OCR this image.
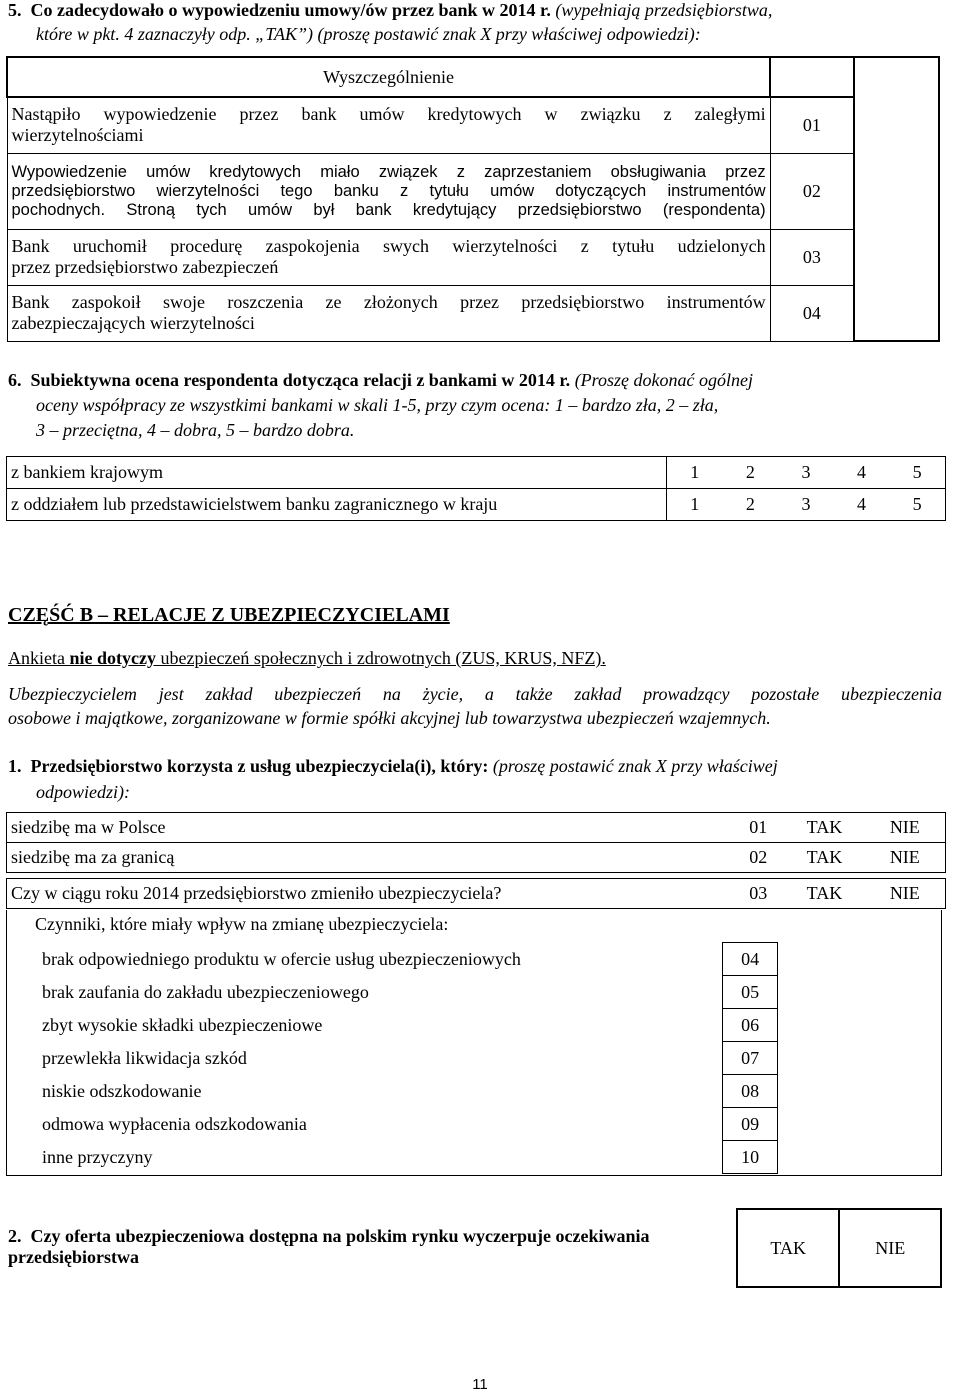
5. Co zadecydowało o wypowiedzeniu umowy/ów przez bank w 2014 r. (wypełniają przedsiębiorstwa,
które w pkt. 4 zaznaczyły odp. „TAK”) (proszę postawić znak X przy właściwej odpowiedzi):
Wyszczególnienie		

Nastąpiło wypowiedzenie przez bank umów kredytowych w związku z zaległymi
wierzytelnościami	01	

Wypowiedzenie umów kredytowych miało związek z zaprzestaniem obsługiwania przez
przedsiębiorstwo wierzytelności tego banku z tytułu umów dotyczących instrumentów
pochodnych. Stroną tych umów był bank kredytujący przedsiębiorstwo (respondenta)	02	

Bank uruchomił procedurę zaspokojenia swych wierzytelności z tytułu udzielonych
przez przedsiębiorstwo zabezpieczeń	03	

Bank zaspokoił swoje roszczenia ze złożonych przez przedsiębiorstwo instrumentów
zabezpieczających wierzytelności	04	
6. Subiektywna ocena respondenta dotycząca relacji z bankami w 2014 r. (Proszę dokonać ogólnej
oceny współpracy ze wszystkimi bankami w skali 1-5, przy czym ocena: 1 – bardzo zła, 2 – zła,
3 – przeciętna, 4 – dobra, 5 – bardzo dobra.
z bankiem krajowym	1	2	3	4	5
z oddziałem lub przedstawicielstwem banku zagranicznego w kraju	1	2	3	4	5
CZĘŚĆ B – RELACJE Z UBEZPIECZYCIELAMI
Ankieta nie dotyczy ubezpieczeń społecznych i zdrowotnych (ZUS, KRUS, NFZ).
Ubezpieczycielem jest zakład ubezpieczeń na życie, a także zakład prowadzący pozostałe ubezpieczenia
osobowe i majątkowe, zorganizowane w formie spółki akcyjnej lub towarzystwa ubezpieczeń wzajemnych.
1. Przedsiębiorstwo korzysta z usług ubezpieczyciela(i), który: (proszę postawić znak X przy właściwej
odpowiedzi):
siedzibę ma w Polsce	01	TAK	NIE
siedzibę ma za granicą	02	TAK	NIE
Czy w ciągu roku 2014 przedsiębiorstwo zmieniło ubezpieczyciela?	03	TAK	NIE
Czynniki, które miały wpływ na zmianę ubezpieczyciela:
brak odpowiedniego produktu w ofercie usług ubezpieczeniowych	04
brak zaufania do zakładu ubezpieczeniowego	05
zbyt wysokie składki ubezpieczeniowe	06
przewlekła likwidacja szkód	07
niskie odszkodowanie	08
odmowa wypłacenia odszkodowania	09
inne przyczyny	10
2. Czy oferta ubezpieczeniowa dostępna na polskim rynku wyczerpuje oczekiwania
przedsiębiorstwa	TAK	NIE
11
